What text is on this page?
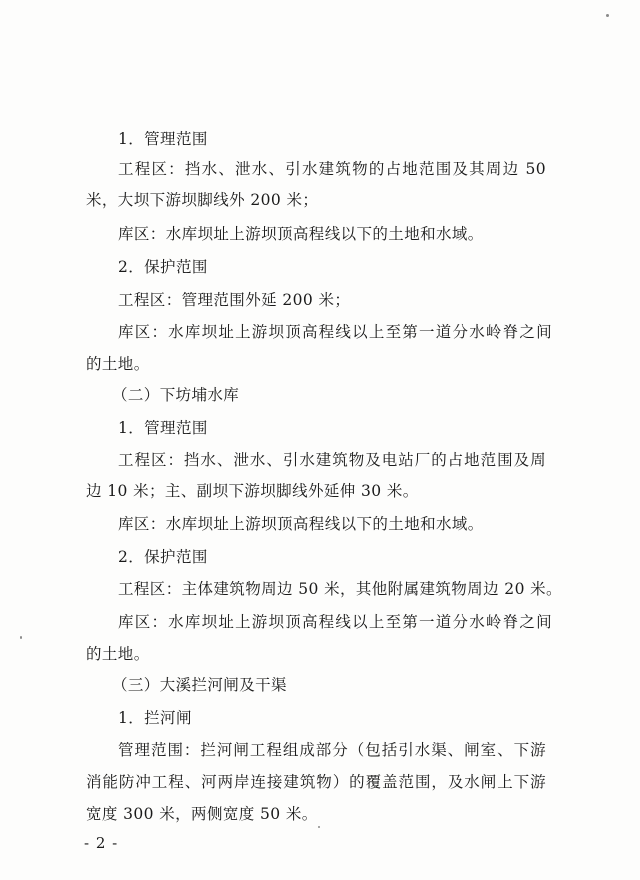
1．管理范围
工程区：挡水、泄水、引水建筑物的占地范围及其周边 50
米，大坝下游坝脚线外 200 米；
库区：水库坝址上游坝顶高程线以下的土地和水域。
2．保护范围
工程区：管理范围外延 200 米；
库区：水库坝址上游坝顶高程线以上至第一道分水岭脊之间
的土地。
（二）下坊埔水库
1．管理范围
工程区：挡水、泄水、引水建筑物及电站厂的占地范围及周
边 10 米；主、副坝下游坝脚线外延伸 30 米。
库区：水库坝址上游坝顶高程线以下的土地和水域。
2．保护范围
工程区：主体建筑物周边 50 米，其他附属建筑物周边 20 米。
库区：水库坝址上游坝顶高程线以上至第一道分水岭脊之间
的土地。
（三）大溪拦河闸及干渠
1．拦河闸
管理范围：拦河闸工程组成部分（包括引水渠、闸室、下游
消能防冲工程、河两岸连接建筑物）的覆盖范围，及水闸上下游
宽度 300 米，两侧宽度 50 米。
- 2 -
